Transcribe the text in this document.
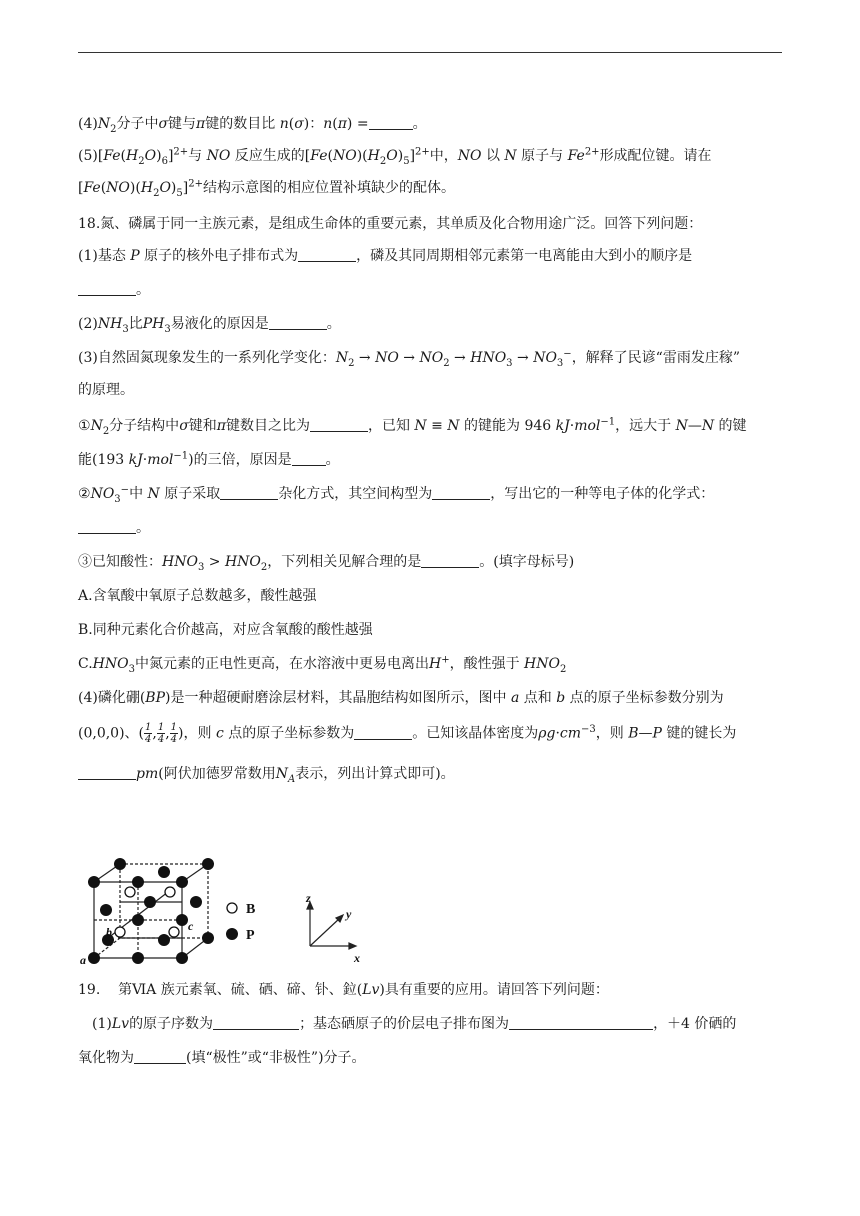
$(4)N_2$分子中σ键与π键的数目比 n(σ)：n(π) =	。
$(5)[Fe(H_2O)_6]^{2+}$与 NO 反应生成的$[Fe(NO)(H_2O)_5]^{2+}$中，NO 以 N 原子与 $Fe^{2+}$形成配位键。请在
$[Fe(NO)(H_2O)_5]^{2+}$结构示意图的相应位置补填缺少的配体。
18.氮、磷属于同一主族元素，是组成生命体的重要元素，其单质及化合物用途广泛。回答下列问题：
(1)基态 P 原子的核外电子排布式为	，磷及其同周期相邻元素第一电离能由大到小的顺序是
。
$(2)NH_3$比$PH_3$易液化的原因是	。
(3)自然固氮现象发生的一系列化学变化：$N_2$ → NO → $NO_2 \to HNO_3 \to NO_3^-$，解释了民谚“雷雨发庄稼”
的原理。
$①N_2$分子结构中σ键和π键数目之比为	，已知 N ≡ N 的键能为 946 kJ·mol$^{-1}$，远大于 N—N 的键
能(193 kJ·mol$^{-1}$)的三倍，原因是 。
$②NO_3^-$中 N 原子采取	杂化方式，其空间构型为	，写出它的一种等电子体的化学式：
。
③已知酸性：$HNO_3 > HNO_2$，下列相关见解合理的是	。(填字母标号)
A.含氧酸中氧原子总数越多，酸性越强
B.同种元素化合价越高，对应含氧酸的酸性越强
$C.HNO_3$中氮元素的正电性更高，在水溶液中更易电离出H+，酸性强于 $HNO_2$
(4)磷化硼(BP)是一种超硬耐磨涂层材料，其晶胞结构如图所示，图中 a 点和 b 点的原子坐标参数分别为
(0,0,0)、( $\frac{1}{4}$ , $\frac{1}{4}$ , $\frac{1}{4}$ )，则 c 点的原子坐标参数为	。已知该晶体密度为$\rho g\cdot cm^{-3}$，则 B—P 键的键长为
pm(阿伏加德罗常数用$N_A$表示，列出计算式即可)。
a
b	c
B
P
z
y
x
19. 第ⅥA 族元素氧、硫、硒、碲、钋、鉝(Lv)具有重要的应用。请回答下列问题：
(1)Lv的原子序数为	；基态硒原子的价层电子排布图为	，＋4 价硒的
氧化物为	(填“极性”或“非极性”)分子。
